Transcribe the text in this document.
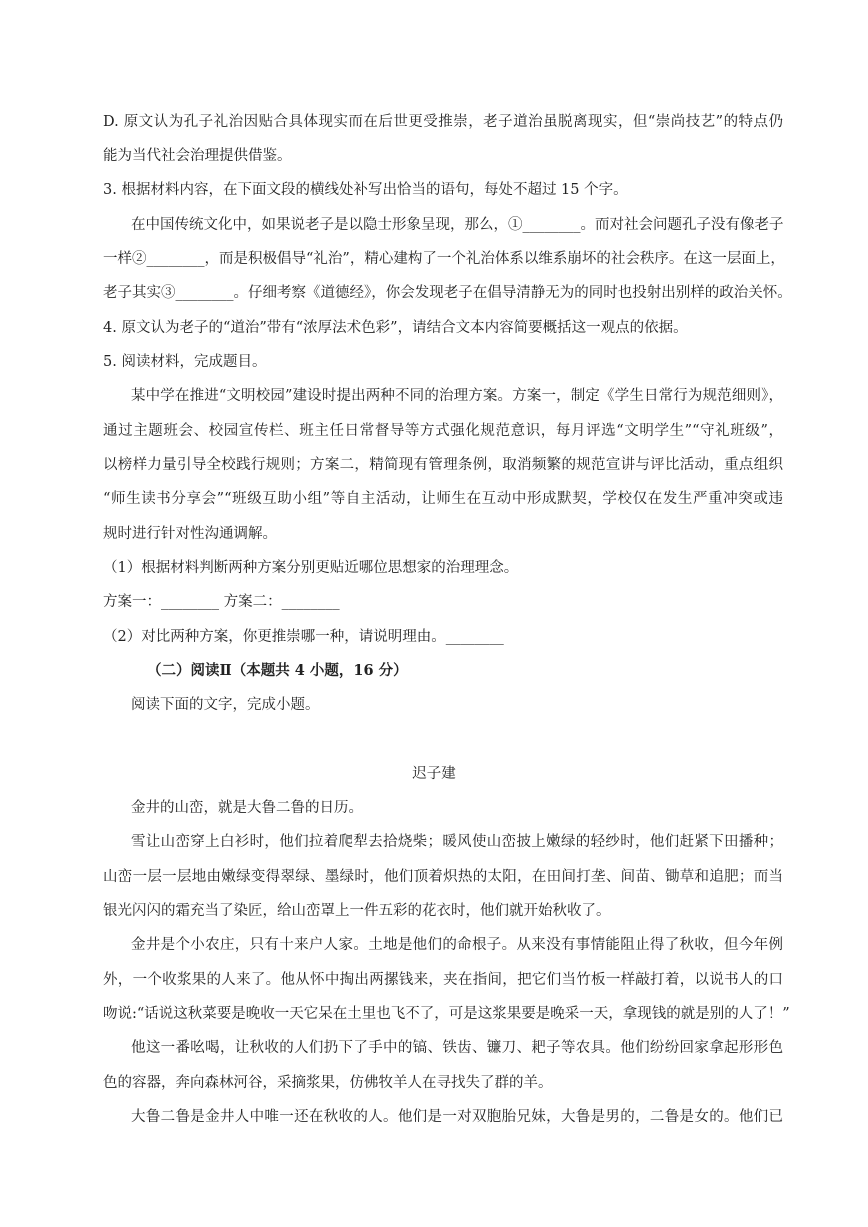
D. 原文认为孔子礼治因贴合具体现实而在后世更受推崇，老子道治虽脱离现实，但“崇尚技艺”的特点仍
能为当代社会治理提供借鉴。
3. 根据材料内容，在下面文段的横线处补写出恰当的语句，每处不超过 15 个字。
在中国传统文化中，如果说老子是以隐士形象呈现，那么，①________。而对社会问题孔子没有像老子
一样②________，而是积极倡导“礼治”，精心建构了一个礼治体系以维系崩坏的社会秩序。在这一层面上，
老子其实③________。仔细考察《道德经》，你会发现老子在倡导清静无为的同时也投射出别样的政治关怀。
4. 原文认为老子的“道治”带有“浓厚法术色彩”，请结合文本内容简要概括这一观点的依据。
5. 阅读材料，完成题目。
某中学在推进“文明校园”建设时提出两种不同的治理方案。方案一，制定《学生日常行为规范细则》，
通过主题班会、校园宣传栏、班主任日常督导等方式强化规范意识，每月评选“文明学生”“守礼班级”，
以榜样力量引导全校践行规则；方案二，精简现有管理条例，取消频繁的规范宣讲与评比活动，重点组织
“师生读书分享会”“班级互助小组”等自主活动，让师生在互动中形成默契，学校仅在发生严重冲突或违
规时进行针对性沟通调解。
（1）根据材料判断两种方案分别更贴近哪位思想家的治理理念。
方案一：________ 方案二：________
（2）对比两种方案，你更推崇哪一种，请说明理由。________
（二）阅读Ⅱ（本题共 4 小题，16 分）
阅读下面的文字，完成小题。
迟子建
金井的山峦，就是大鲁二鲁的日历。
雪让山峦穿上白衫时，他们拉着爬犁去拾烧柴；暖风使山峦披上嫩绿的轻纱时，他们赶紧下田播种；
山峦一层一层地由嫩绿变得翠绿、墨绿时，他们顶着炽热的太阳，在田间打垄、间苗、锄草和追肥；而当
银光闪闪的霜充当了染匠，给山峦罩上一件五彩的花衣时，他们就开始秋收了。
金井是个小农庄，只有十来户人家。土地是他们的命根子。从来没有事情能阻止得了秋收，但今年例
外，一个收浆果的人来了。他从怀中掏出两摞钱来，夹在指间，把它们当竹板一样敲打着，以说书人的口
吻说:“话说这秋菜要是晚收一天它呆在土里也飞不了，可是这浆果要是晚采一天，拿现钱的就是别的人了！”
他这一番吆喝，让秋收的人们扔下了手中的镐、铁齿、镰刀、耙子等农具。他们纷纷回家拿起形形色
色的容器，奔向森林河谷，采摘浆果，仿佛牧羊人在寻找失了群的羊。
大鲁二鲁是金井人中唯一还在秋收的人。他们是一对双胞胎兄妹，大鲁是男的，二鲁是女的。他们已
